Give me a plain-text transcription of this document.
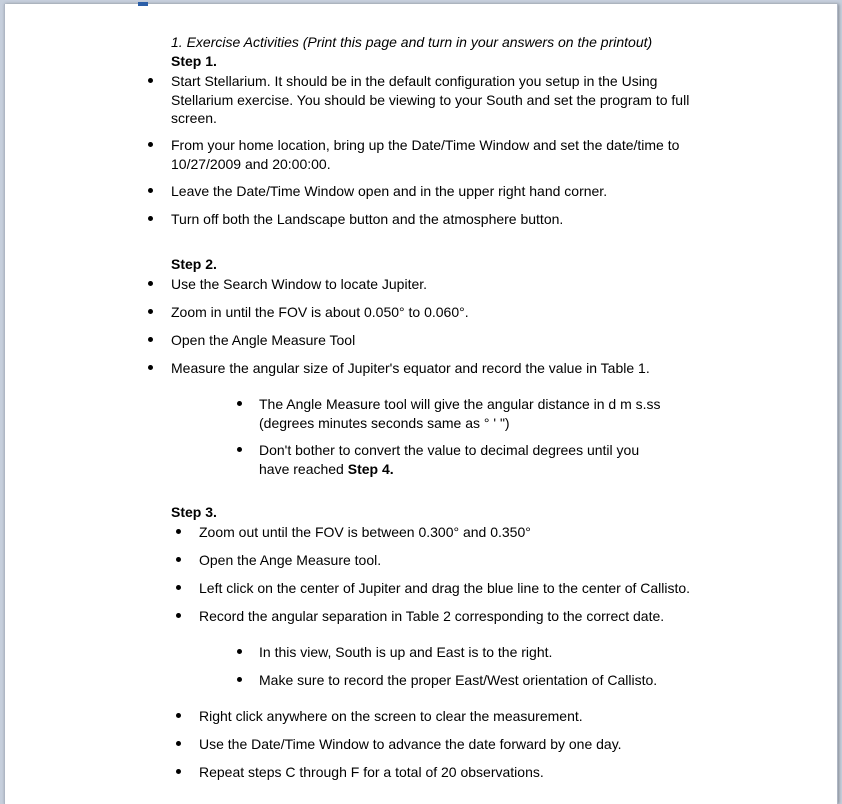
1. Exercise Activities (Print this page and turn in your answers on the printout)
Step 1.
Start Stellarium. It should be in the default configuration you setup in the Using
Stellarium exercise. You should be viewing to your South and set the program to full
screen.
From your home location, bring up the Date/Time Window and set the date/time to
10/27/2009 and 20:00:00.
Leave the Date/Time Window open and in the upper right hand corner.
Turn off both the Landscape button and the atmosphere button.
Step 2.
Use the Search Window to locate Jupiter.
Zoom in until the FOV is about 0.050° to 0.060°.
Open the Angle Measure Tool
Measure the angular size of Jupiter's equator and record the value in Table 1.
The Angle Measure tool will give the angular distance in d m s.ss
(degrees minutes seconds same as ° ' ")
Don't bother to convert the value to decimal degrees until you
have reached Step 4.
Step 3.
Zoom out until the FOV is between 0.300° and 0.350°
Open the Ange Measure tool.
Left click on the center of Jupiter and drag the blue line to the center of Callisto.
Record the angular separation in Table 2 corresponding to the correct date.
In this view, South is up and East is to the right.
Make sure to record the proper East/West orientation of Callisto.
Right click anywhere on the screen to clear the measurement.
Use the Date/Time Window to advance the date forward by one day.
Repeat steps C through F for a total of 20 observations.
